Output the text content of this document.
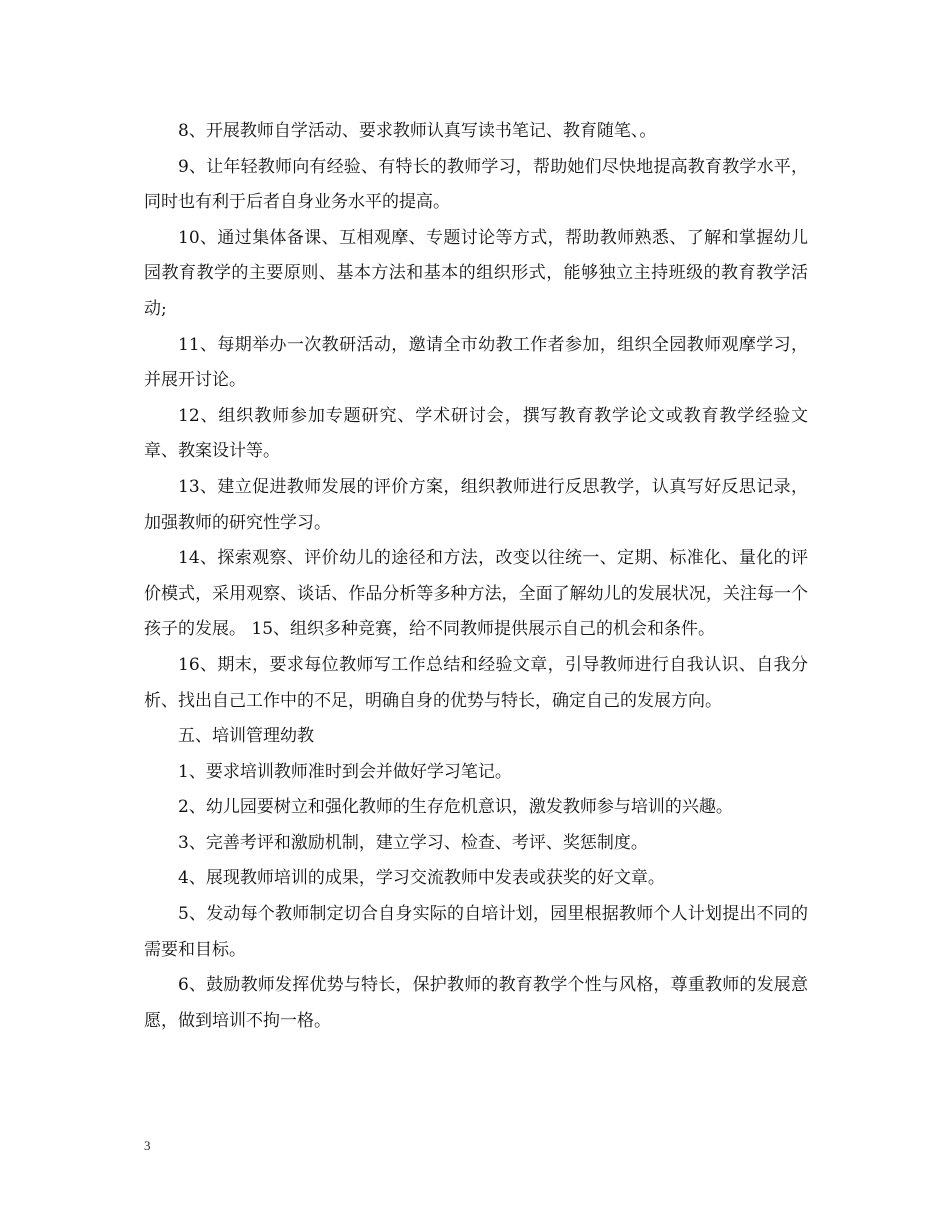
8、开展教师自学活动、要求教师认真写读书笔记、教育随笔、。

9、让年轻教师向有经验、有特长的教师学习，帮助她们尽快地提高教育教学水平，同时也有利于后者自身业务水平的提高。

10、通过集体备课、互相观摩、专题讨论等方式，帮助教师熟悉、了解和掌握幼儿园教育教学的主要原则、基本方法和基本的组织形式，能够独立主持班级的教育教学活动;

11、每期举办一次教研活动，邀请全市幼教工作者参加，组织全园教师观摩学习，并展开讨论。

12、组织教师参加专题研究、学术研讨会，撰写教育教学论文或教育教学经验文章、教案设计等。

13、建立促进教师发展的评价方案，组织教师进行反思教学，认真写好反思记录，加强教师的研究性学习。

14、探索观察、评价幼儿的途径和方法，改变以往统一、定期、标准化、量化的评价模式，采用观察、谈话、作品分析等多种方法，全面了解幼儿的发展状况，关注每一个孩子的发展。 15、组织多种竞赛，给不同教师提供展示自己的机会和条件。

16、期末，要求每位教师写工作总结和经验文章，引导教师进行自我认识、自我分析、找出自己工作中的不足，明确自身的优势与特长，确定自己的发展方向。

五、培训管理幼教

1、要求培训教师准时到会并做好学习笔记。

2、幼儿园要树立和强化教师的生存危机意识，激发教师参与培训的兴趣。

3、完善考评和激励机制，建立学习、检查、考评、奖惩制度。

4、展现教师培训的成果，学习交流教师中发表或获奖的好文章。

5、发动每个教师制定切合自身实际的自培计划，园里根据教师个人计划提出不同的需要和目标。

6、鼓励教师发挥优势与特长，保护教师的教育教学个性与风格，尊重教师的发展意愿，做到培训不拘一格。

3
